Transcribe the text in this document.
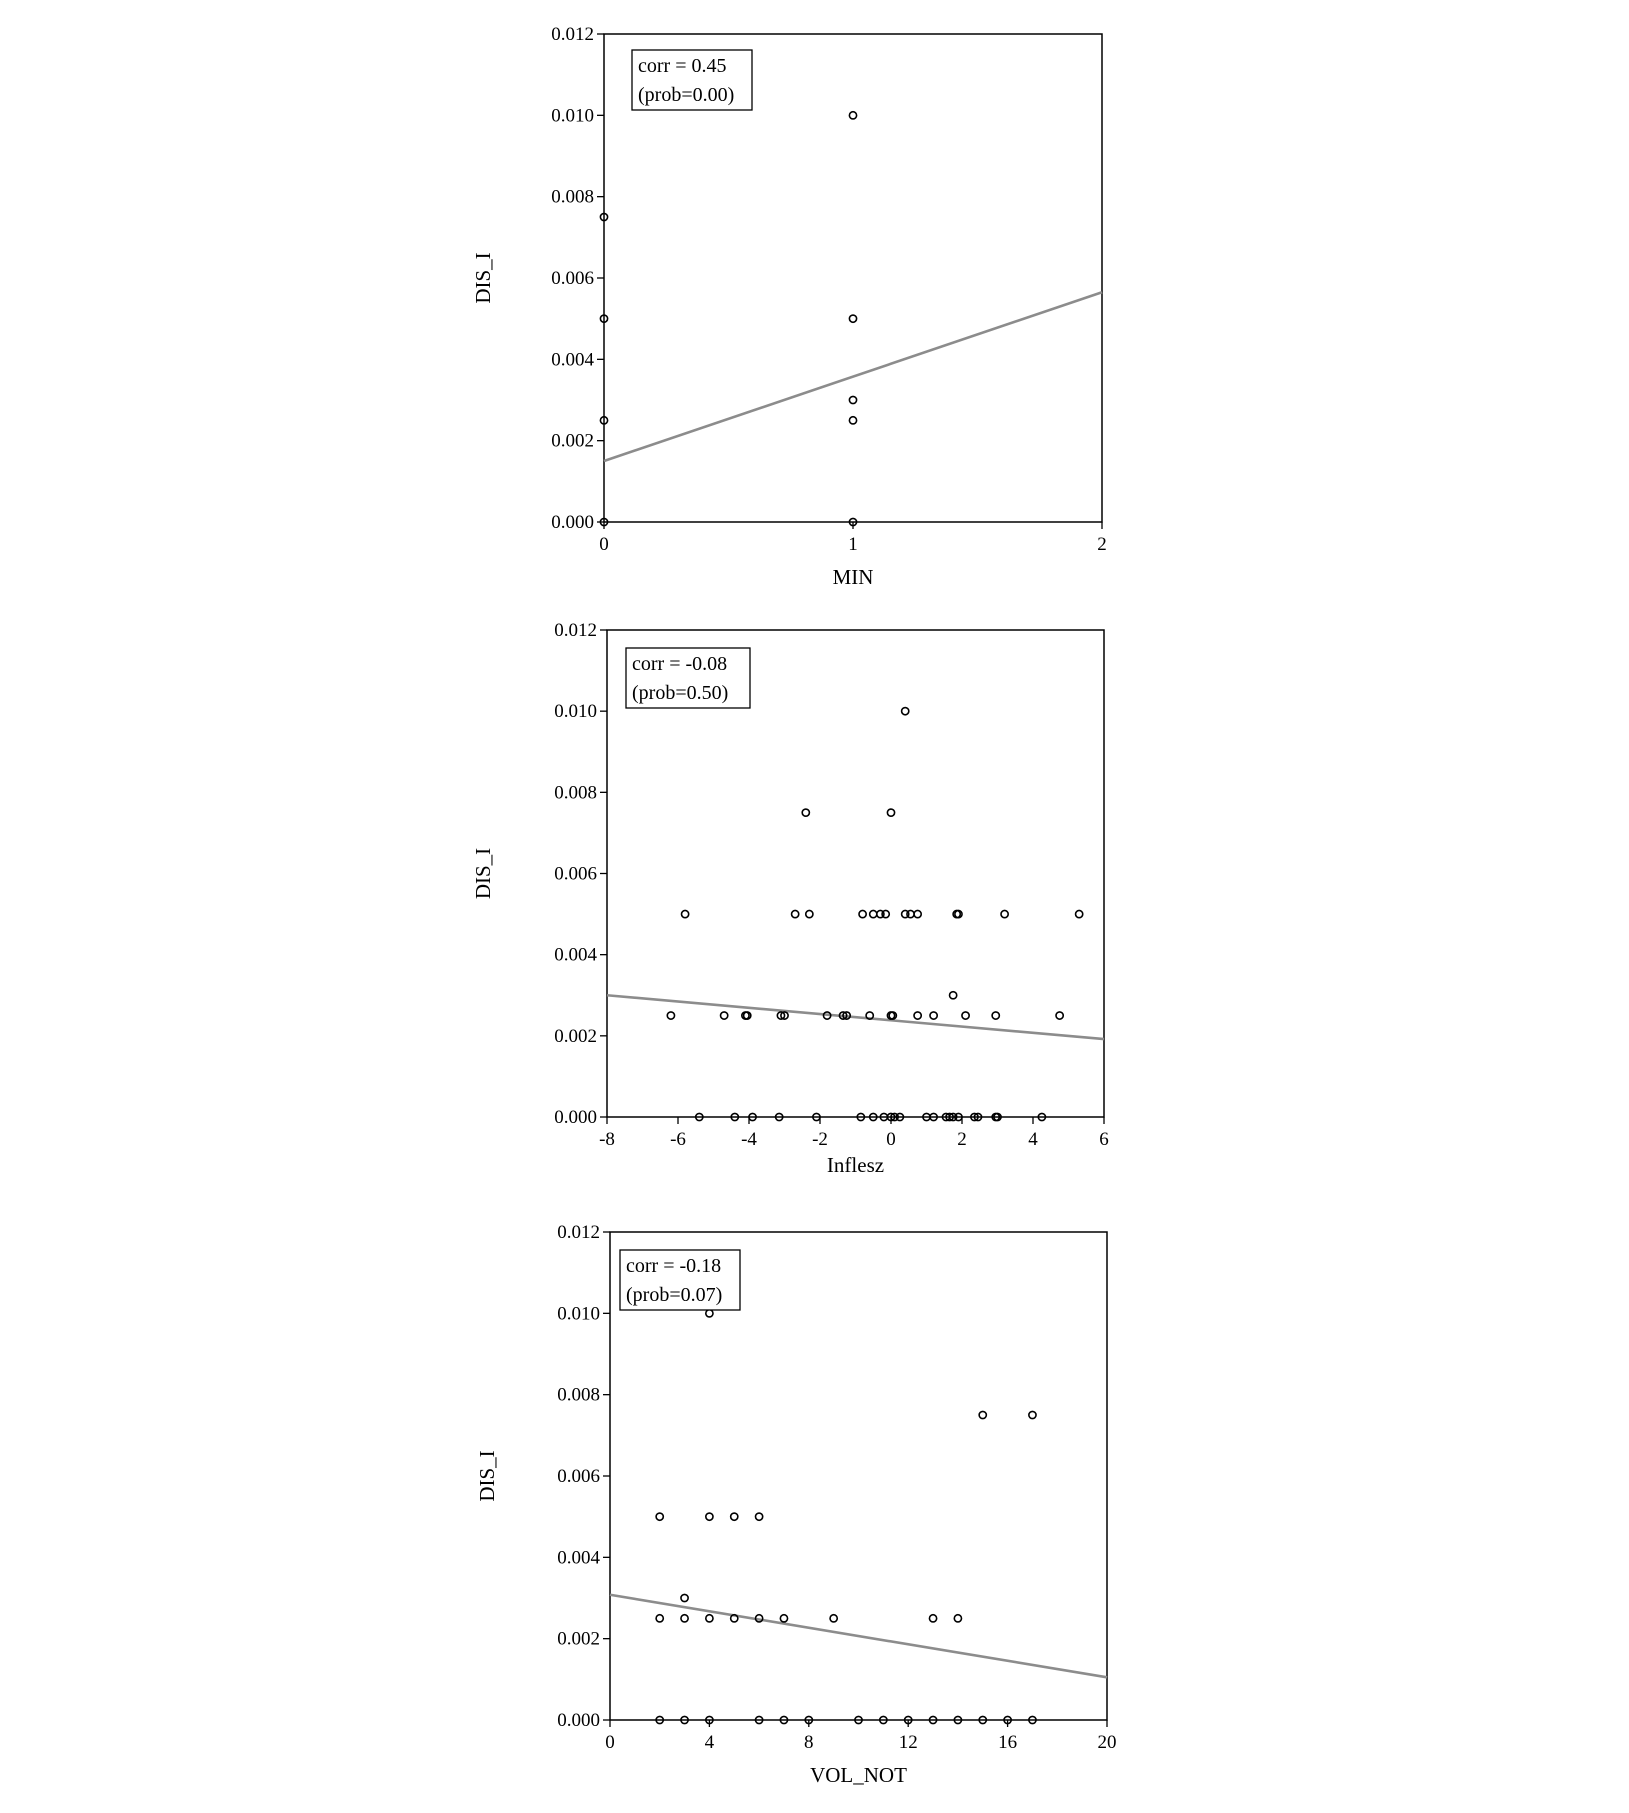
0.000
0.002
0.004
0.006
0.008
0.010
0.012
0	1	2
MIN
DIS_I
corr = 0.45
(prob=0.00)
0.000
0.002
0.004
0.006
0.008
0.010
0.012
-8	-6	-4	-2	0	2	4	6
Inflesz
DIS_I
corr = -0.08
(prob=0.50)
0.000
0.002
0.004
0.006
0.008
0.010
0.012
0	4	8	12	16	20
VOL_NOT
DIS_I
corr = -0.18
(prob=0.07)
